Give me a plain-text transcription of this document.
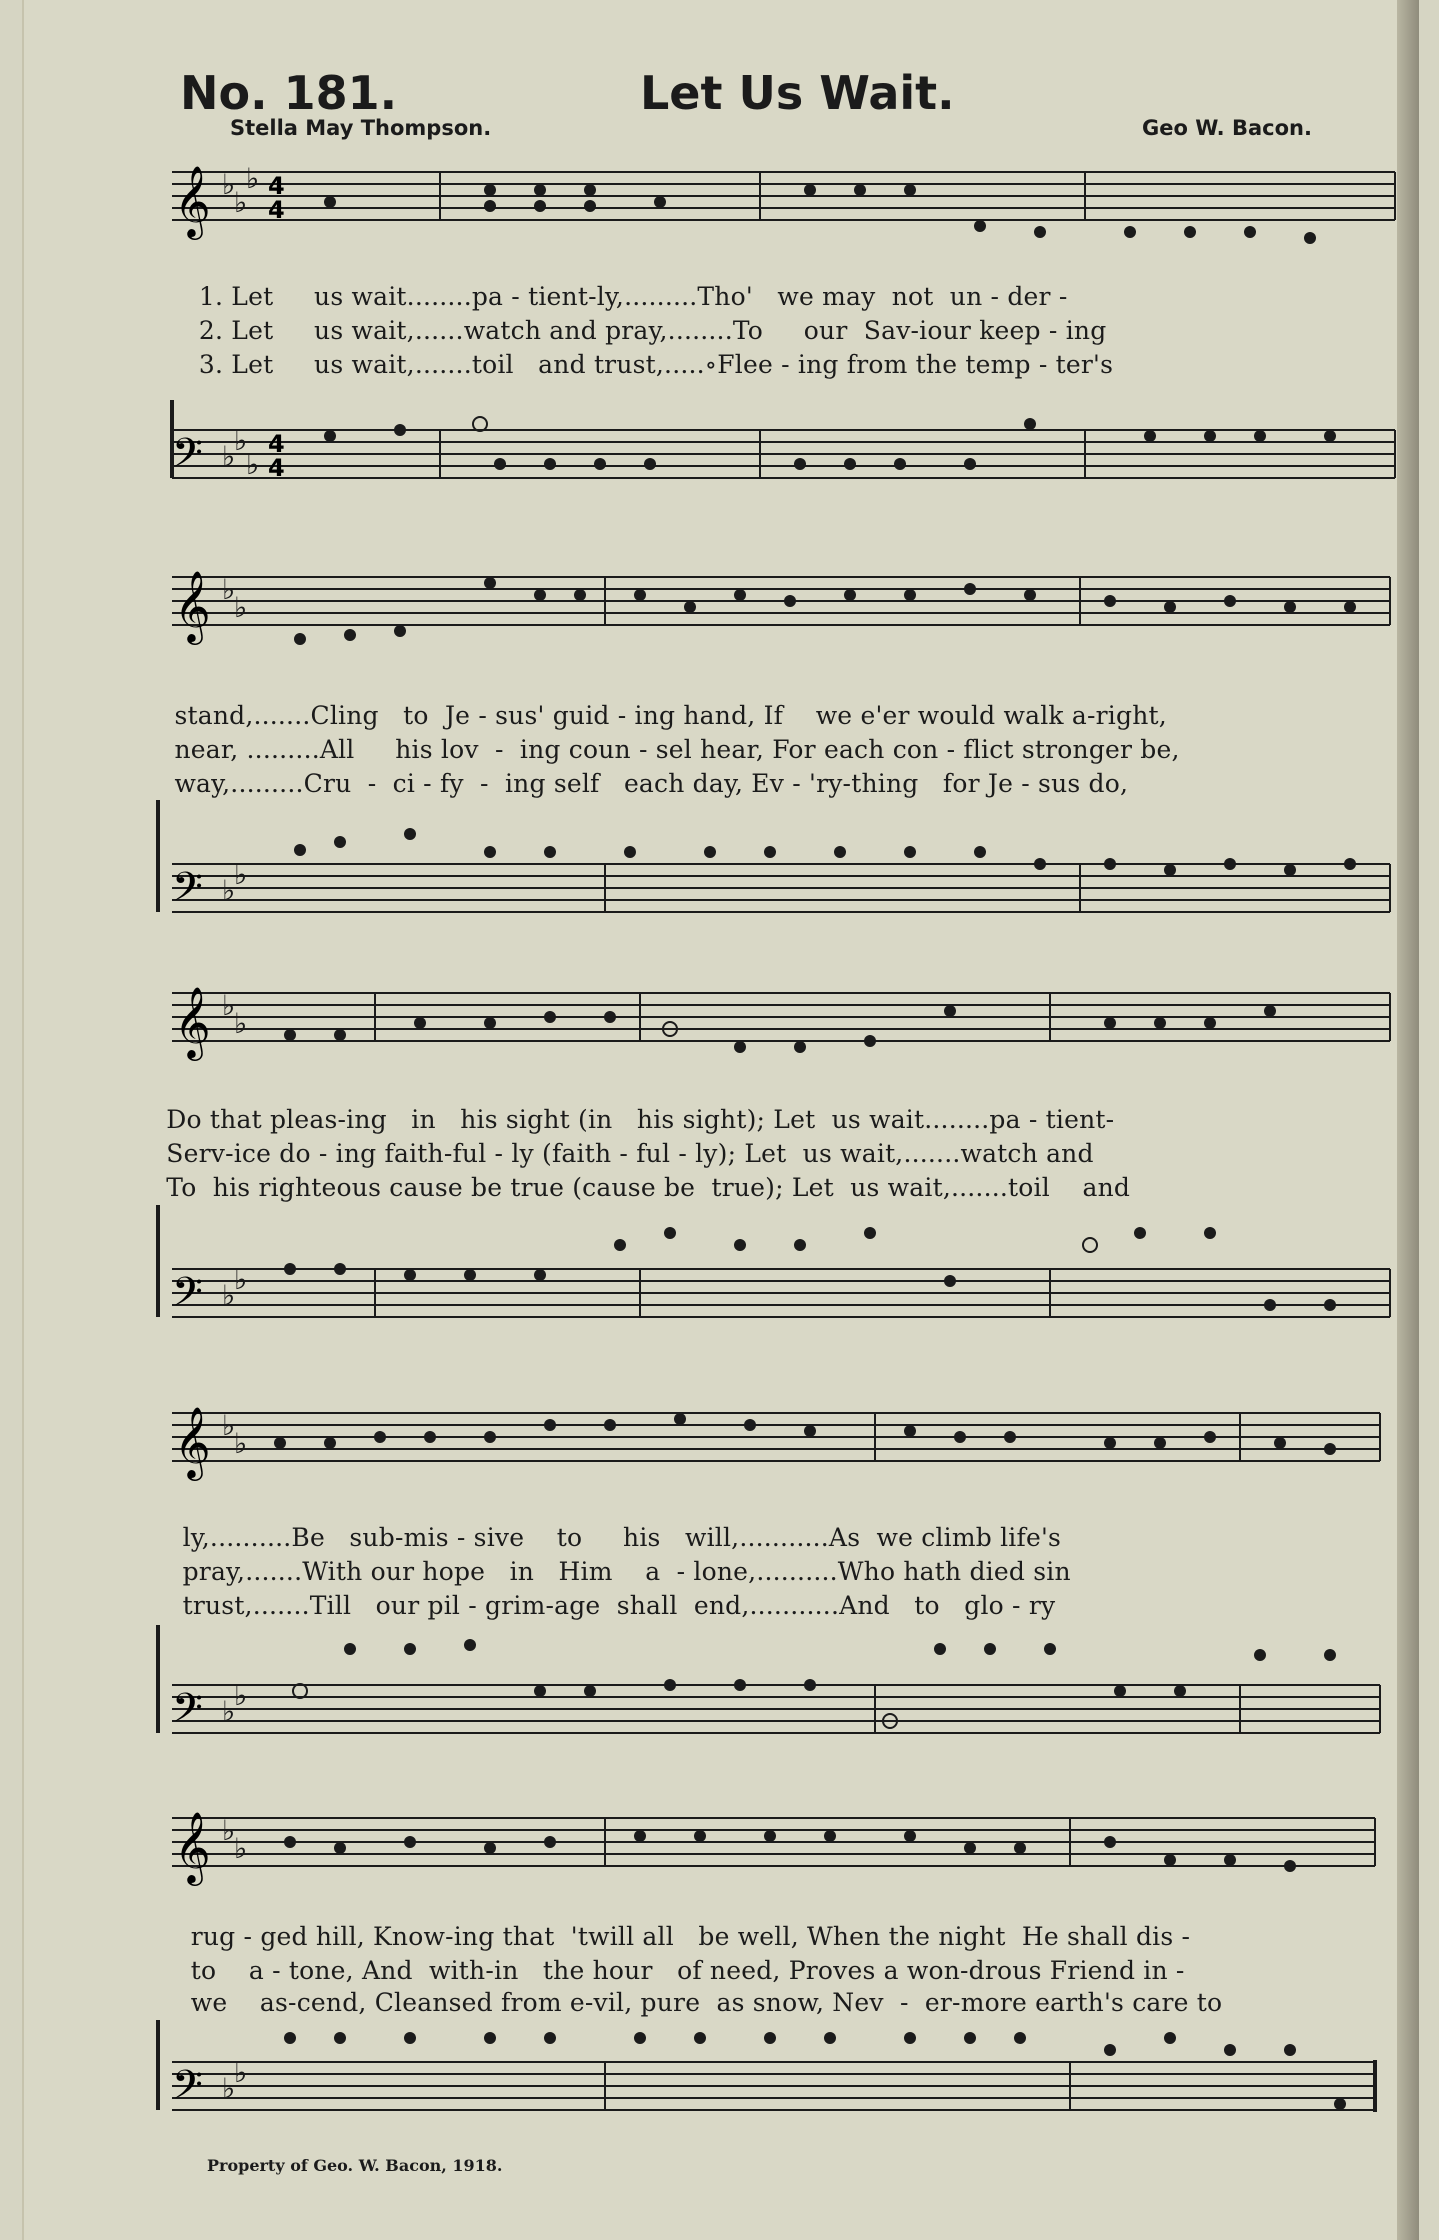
No. 181.	Let Us Wait.
Stella May Thompson.	Geo W. Bacon.
𝄞 ♭
♭
♭ 4
4
1. Let     us wait........pa - tient-ly,.........Tho'   we may  not  un - der -
2. Let     us wait,......watch and pray,........To     our  Sav-iour keep - ing
3. Let     us wait,.......toil   and trust,.....∘Flee - ing from the temp - ter's
𝄢 ♭
♭
♭
4
4
𝄞 ♭
♭
stand,.......Cling   to  Je - sus' guid - ing hand, If    we e'er would walk a-right,
near, .........All     his lov  -  ing coun - sel hear, For each con - flict stronger be,
way,.........Cru  -  ci - fy  -  ing self   each day, Ev - 'ry-thing   for Je - sus do,
𝄢 ♭
♭
𝄞 ♭
♭
Do that pleas-ing   in   his sight (in   his sight); Let  us wait........pa - tient-
Serv-ice do - ing faith-ful - ly (faith - ful - ly); Let  us wait,.......watch and
To  his righteous cause be true (cause be  true); Let  us wait,.......toil    and
𝄢 ♭
♭
𝄞 ♭
♭
ly,..........Be   sub-mis - sive    to     his   will,...........As  we climb life's
pray,.......With our hope   in   Him    a  - lone,..........Who hath died sin
trust,.......Till   our pil - grim-age  shall  end,...........And   to   glo - ry
𝄢 ♭
♭
𝄞 ♭
♭
rug - ged hill, Know-ing that  'twill all   be well, When the night  He shall dis -
to    a - tone, And  with-in   the hour   of need, Proves a won-drous Friend in -
we    as-cend, Cleansed from e-vil, pure  as snow, Nev  -  er-more earth's care to
𝄢 ♭
♭
Property of Geo. W. Bacon, 1918.
